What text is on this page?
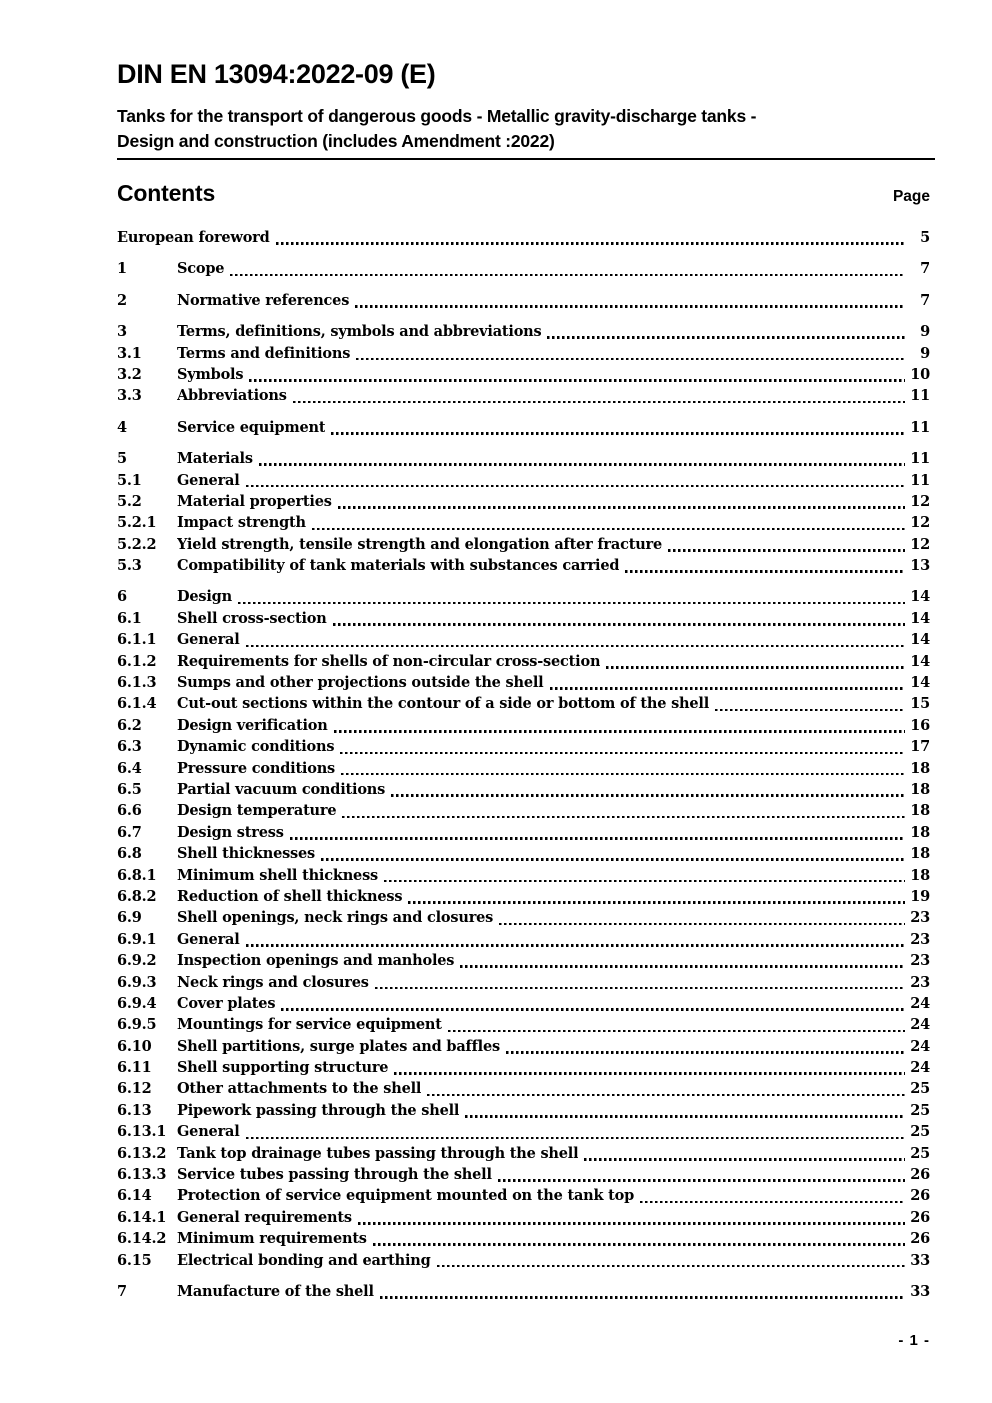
DIN EN 13094:2022-09 (E)
Tanks for the transport of dangerous goods - Metallic gravity-discharge tanks -
Design and construction (includes Amendment :2022)
Contents	Page
European foreword	5
1	Scope	7
2	Normative references	7
3	Terms, definitions, symbols and abbreviations	9
3.1	Terms and definitions	9
3.2	Symbols	10
3.3	Abbreviations	11
4	Service equipment	11
5	Materials	11
5.1	General	11
5.2	Material properties	12
5.2.1	Impact strength	12
5.2.2	Yield strength, tensile strength and elongation after fracture	12
5.3	Compatibility of tank materials with substances carried	13
6	Design	14
6.1	Shell cross-section	14
6.1.1	General	14
6.1.2	Requirements for shells of non-circular cross-section	14
6.1.3	Sumps and other projections outside the shell	14
6.1.4	Cut-out sections within the contour of a side or bottom of the shell	15
6.2	Design verification	16
6.3	Dynamic conditions	17
6.4	Pressure conditions	18
6.5	Partial vacuum conditions	18
6.6	Design temperature	18
6.7	Design stress	18
6.8	Shell thicknesses	18
6.8.1	Minimum shell thickness	18
6.8.2	Reduction of shell thickness	19
6.9	Shell openings, neck rings and closures	23
6.9.1	General	23
6.9.2	Inspection openings and manholes	23
6.9.3	Neck rings and closures	23
6.9.4	Cover plates	24
6.9.5	Mountings for service equipment	24
6.10	Shell partitions, surge plates and baffles	24
6.11	Shell supporting structure	24
6.12	Other attachments to the shell	25
6.13	Pipework passing through the shell	25
6.13.1 General	25
6.13.2 Tank top drainage tubes passing through the shell	25
6.13.3 Service tubes passing through the shell	26
6.14	Protection of service equipment mounted on the tank top	26
6.14.1 General requirements	26
6.14.2 Minimum requirements	26
6.15	Electrical bonding and earthing	33
7	Manufacture of the shell	33
- 1 -
